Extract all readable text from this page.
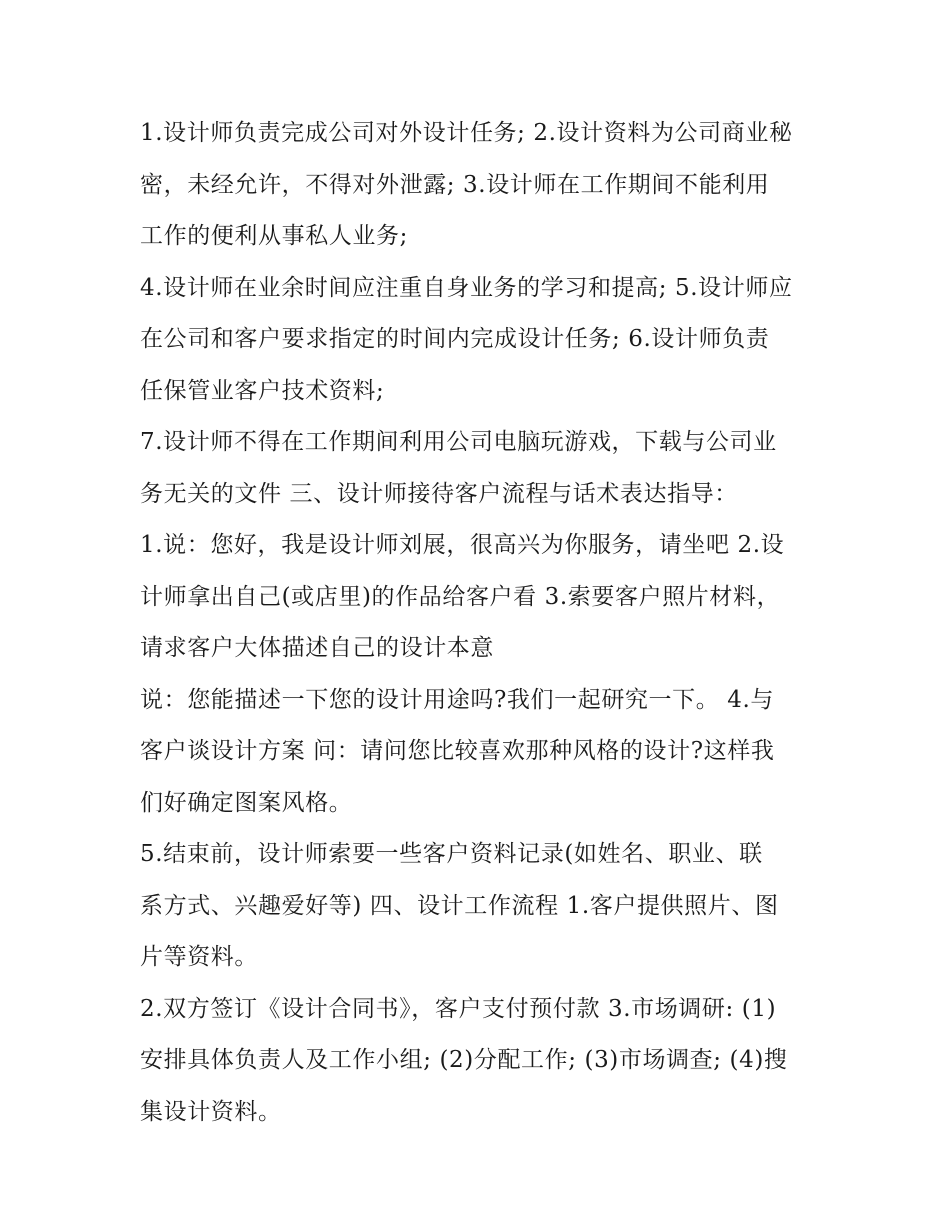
1.设计师负责完成公司对外设计任务; 2.设计资料为公司商业秘
密，未经允许，不得对外泄露; 3.设计师在工作期间不能利用
工作的便利从事私人业务;

4.设计师在业余时间应注重自身业务的学习和提高; 5.设计师应
在公司和客户要求指定的时间内完成设计任务; 6.设计师负责
任保管业客户技术资料;

7.设计师不得在工作期间利用公司电脑玩游戏，下载与公司业
务无关的文件 三、设计师接待客户流程与话术表达指导：

1.说：您好，我是设计师刘展，很高兴为你服务，请坐吧 2.设
计师拿出自己(或店里)的作品给客户看 3.索要客户照片材料，
请求客户大体描述自己的设计本意

说：您能描述一下您的设计用途吗?我们一起研究一下。 4.与
客户谈设计方案 问：请问您比较喜欢那种风格的设计?这样我
们好确定图案风格。

5.结束前，设计师索要一些客户资料记录(如姓名、职业、联
系方式、兴趣爱好等) 四、设计工作流程 1.客户提供照片、图
片等资料。

2.双方签订《设计合同书》，客户支付预付款 3.市场调研: (1)
安排具体负责人及工作小组; (2)分配工作; (3)市场调查; (4)搜
集设计资料。
